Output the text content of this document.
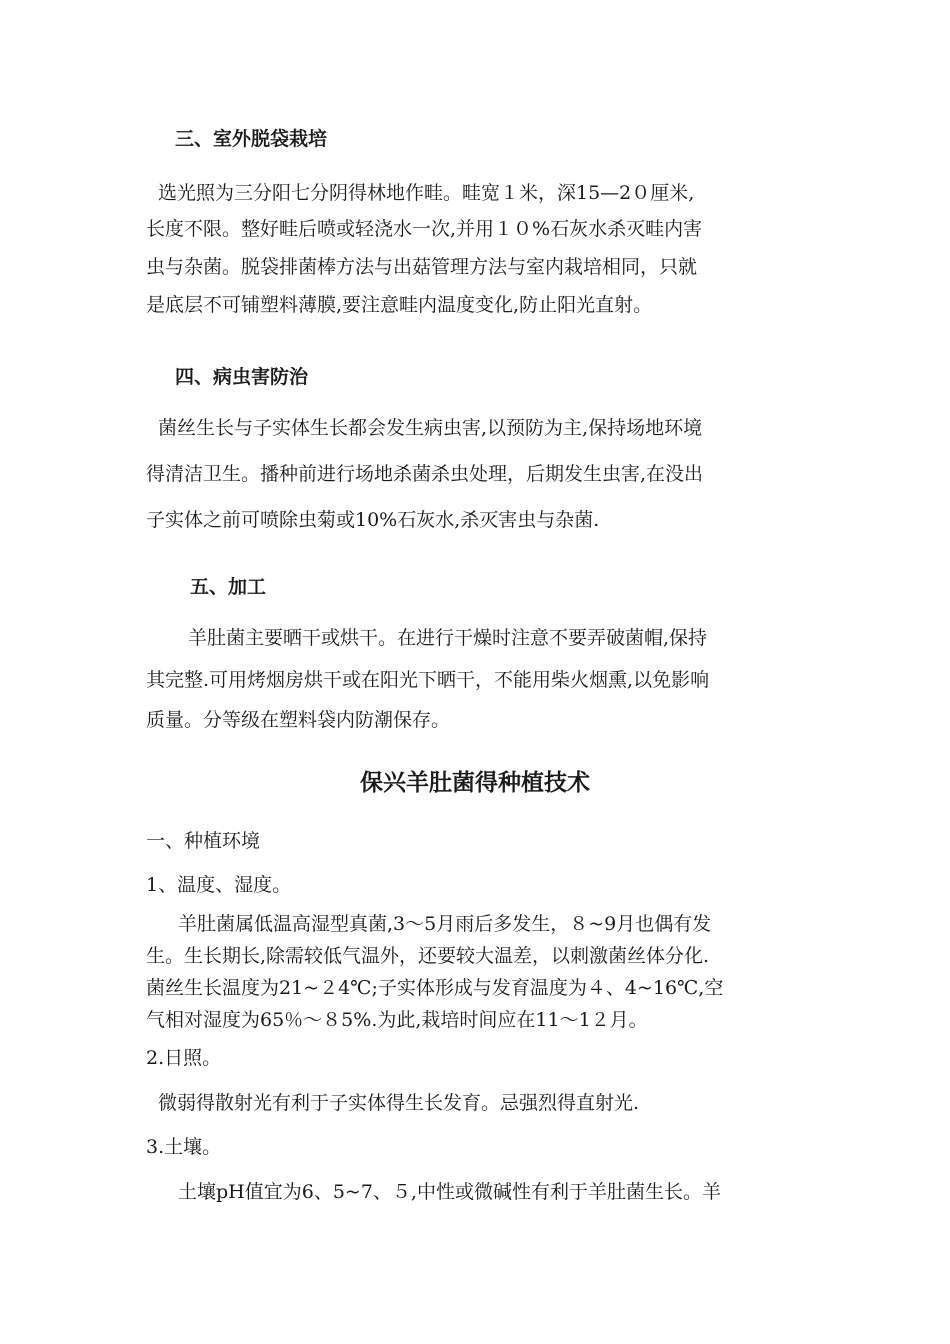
三、室外脱袋栽培

选光照为三分阳七分阴得林地作畦。畦宽１米，深15—2０厘米,
长度不限。整好畦后喷或轻浇水一次,并用１０%石灰水杀灭畦内害
虫与杂菌。脱袋排菌棒方法与出菇管理方法与室内栽培相同，只就
是底层不可铺塑料薄膜,要注意畦内温度变化,防止阳光直射。

四、病虫害防治

菌丝生长与子实体生长都会发生病虫害,以预防为主,保持场地环境
得清洁卫生。播种前进行场地杀菌杀虫处理，后期发生虫害,在没出
子实体之前可喷除虫菊或10%石灰水,杀灭害虫与杂菌.

五、加工

羊肚菌主要晒干或烘干。在进行干燥时注意不要弄破菌帽,保持
其完整.可用烤烟房烘干或在阳光下晒干，不能用柴火烟熏,以免影响
质量。分等级在塑料袋内防潮保存。

保兴羊肚菌得种植技术

一、种植环境

1、温度、湿度。

羊肚菌属低温高湿型真菌,3～5月雨后多发生，８~9月也偶有发
生。生长期长,除需较低气温外，还要较大温差，以刺激菌丝体分化.
菌丝生长温度为21~２4℃;子实体形成与发育温度为４、4~16℃,空
气相对湿度为65％～８5%.为此,栽培时间应在11～1２月。

2.日照。

微弱得散射光有利于子实体得生长发育。忌强烈得直射光.

3.土壤。

土壤pH值宜为6、5~7、５,中性或微碱性有利于羊肚菌生长。羊
